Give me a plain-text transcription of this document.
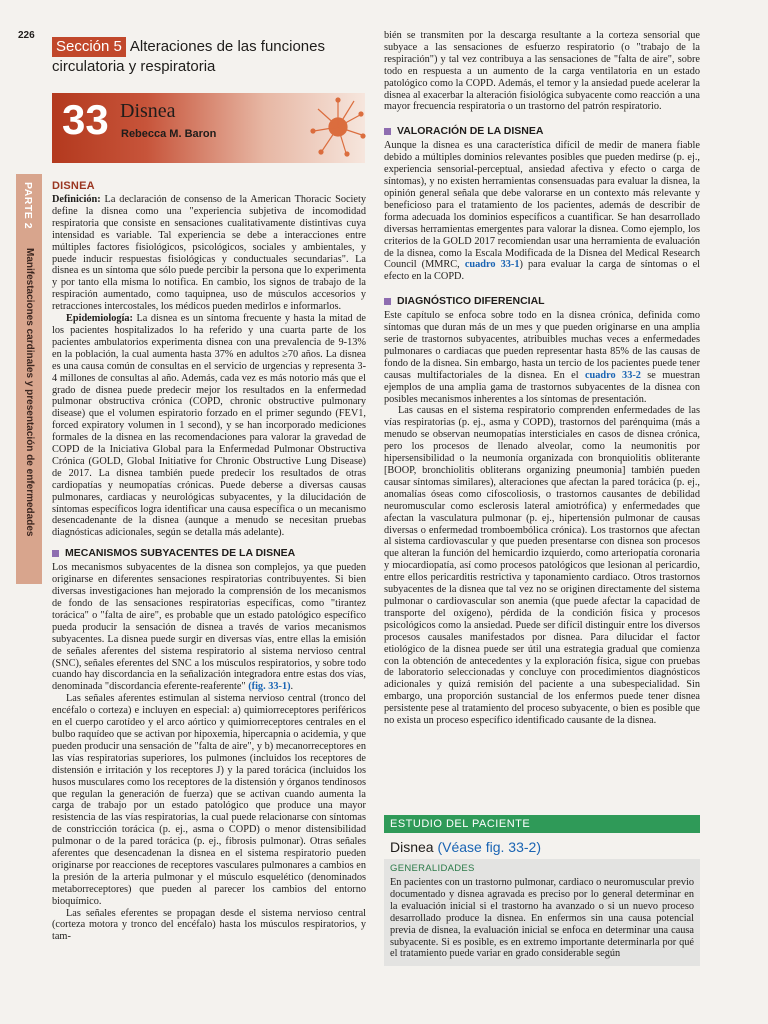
226
Sección 5 Alteraciones de las funciones circulatoria y respiratoria
33 Disnea
Rebecca M. Baron
PARTE 2
Manifestaciones cardinales y presentación de enfermedades
DISNEA

Definición: La declaración de consenso de la American Thoracic Society define la disnea como una "experiencia subjetiva de incomodidad respiratoria que consiste en sensaciones cualitativamente distintivas cuya intensidad es variable. Tal experiencia se debe a interacciones entre múltiples factores fisiológicos, psicológicos, sociales y ambientales, y puede inducir respuestas fisiológicas y conductuales secundarias". La disnea es un síntoma que sólo puede percibir la persona que lo experimenta y por tanto ella misma lo notifica. En cambio, los signos de trabajo de la respiración aumentado, como taquipnea, uso de músculos accesorios y retracciones intercostales, los médicos pueden medirlos e informarlos.

Epidemiología: La disnea es un síntoma frecuente y hasta la mitad de los pacientes hospitalizados lo ha referido y una cuarta parte de los pacientes ambulatorios experimenta disnea con una prevalencia de 9-13% en la población, la cual aumenta hasta 37% en adultos ≥70 años. La disnea es una causa común de consultas en el servicio de urgencias y representa 3-4 millones de consultas al año. Además, cada vez es más notorio más que el grado de disnea puede predecir mejor los resultados en la enfermedad pulmonar obstructiva crónica (COPD, chronic obstructive pulmonary disease) que el volumen espiratorio forzado en el primer segundo (FEV1, forced expiratory volumen in 1 second), y se han incorporado mediciones formales de la disnea en las recomendaciones para valorar la gravedad de COPD de la Iniciativa Global para la Enfermedad Pulmonar Obstructiva Crónica (GOLD, Global Initiative for Chronic Obstructive Lung Disease) de 2017. La disnea también puede predecir los resultados de otras cardiopatías y neumopatías crónicas. Puede deberse a diversas causas pulmonares, cardiacas y neurológicas subyacentes, y la dilucidación de síntomas específicos logra identificar una causa específica o un mecanismo desencadenante de la disnea (aunque a menudo se necesitan pruebas diagnósticas adicionales, según se detalla más adelante).

MECANISMOS SUBYACENTES DE LA DISNEA

Los mecanismos subyacentes de la disnea son complejos, ya que pueden originarse en diferentes sensaciones respiratorias contribuyentes. Si bien diversas investigaciones han mejorado la comprensión de los mecanismos de fondo de las sensaciones respiratorias específicas, como "tirantez torácica" o "falta de aire", es probable que un estado patológico específico pueda producir la sensación de disnea a través de varios mecanismos subyacentes. La disnea puede surgir en diversas vías, entre ellas la emisión de señales aferentes del sistema respiratorio al sistema nervioso central (SNC), señales eferentes del SNC a los músculos respiratorios, y sobre todo cuando hay discordancia en la señalización integradora entre estas dos vías, denominada "discordancia eferente-reaferente" (fig. 33-1).

Las señales aferentes estimulan al sistema nervioso central (tronco del encéfalo o corteza) e incluyen en especial: a) quimiorreceptores periféricos en el cuerpo carotídeo y el arco aórtico y quimiorreceptores centrales en el bulbo raquídeo que se activan por hipoxemia, hipercapnia o acidemia, y que pueden producir una sensación de "falta de aire", y b) mecanorreceptores en las vías respiratorias superiores, los pulmones (incluidos los receptores de distensión e irritación y los receptores J) y la pared torácica (incluidos los husos musculares como los receptores de la distensión y órganos tendinosos que regulan la generación de fuerza) que se activan cuando aumenta la carga de trabajo por un estado patológico que produce una mayor resistencia de las vías respiratorias, la cual puede relacionarse con síntomas de constricción torácica (p. ej., asma o COPD) o menor distensibilidad pulmonar o de la pared torácica (p. ej., fibrosis pulmonar). Otras señales aferentes que desencadenan la disnea en el sistema respiratorio pueden originarse por reacciones de receptores vasculares pulmonares a cambios en la presión de la arteria pulmonar y el músculo esquelético (denominados metaborreceptores) que pueden al parecer los cambios del entorno bioquímico.

Las señales eferentes se propagan desde el sistema nervioso central (corteza motora y tronco del encéfalo) hasta los músculos respiratorios, y tam-

bién se transmiten por la descarga resultante a la corteza sensorial que subyace a las sensaciones de esfuerzo respiratorio (o "trabajo de la respiración") y tal vez contribuya a las sensaciones de "falta de aire", sobre todo en respuesta a un aumento de la carga ventilatoria en un estado patológico como la COPD. Además, el temor y la ansiedad puede acelerar la disnea al exacerbar la alteración fisiológica subyacente como reacción a una mayor frecuencia respiratoria o un trastorno del patrón respiratorio.

VALORACIÓN DE LA DISNEA

Aunque la disnea es una característica difícil de medir de manera fiable debido a múltiples dominios relevantes posibles que pueden medirse (p. ej., experiencia sensorial-perceptual, ansiedad afectiva y efecto o carga de síntomas), y no existen herramientas consensuadas para evaluar la disnea, la opinión general señala que debe valorarse en un contexto más relevante y beneficioso para el tratamiento de los pacientes, además de describir de forma adecuada los dominios específicos a cuantificar. Se han desarrollado diversas herramientas emergentes para valorar la disnea. Como ejemplo, los criterios de la GOLD 2017 recomiendan usar una herramienta de evaluación de la disnea, como la Escala Modificada de la Disnea del Medical Research Council (MMRC, cuadro 33-1) para evaluar la carga de síntomas o el efecto en la COPD.

DIAGNÓSTICO DIFERENCIAL

Este capítulo se enfoca sobre todo en la disnea crónica, definida como síntomas que duran más de un mes y que pueden originarse en una amplia serie de trastornos subyacentes, atribuibles muchas veces a enfermedades pulmonares o cardiacas que pueden representar hasta 85% de las causas de fondo de la disnea. Sin embargo, hasta un tercio de los pacientes puede tener causas multifactoriales de la disnea. En el cuadro 33-2 se muestran ejemplos de una amplia gama de trastornos subyacentes de la disnea con posibles mecanismos inherentes a los síntomas de presentación.

Las causas en el sistema respiratorio comprenden enfermedades de las vías respiratorias (p. ej., asma y COPD), trastornos del parénquima (más a menudo se observan neumopatías intersticiales en casos de disnea crónica, pero los procesos de llenado alveolar, como la neumonitis por hipersensibilidad o la neumonía organizada con bronquiolitis obliterante [BOOP, bronchiolitis obliterans organizing pneumonia] también pueden causar síntomas similares), alteraciones que afectan la pared torácica (p. ej., anomalías óseas como cifoscoliosis, o trastornos causantes de debilidad neuromuscular como esclerosis lateral amiotrófica) y enfermedades que afectan la vasculatura pulmonar (p. ej., hipertensión pulmonar de causas diversas o enfermedad tromboembólica crónica). Los trastornos que afectan al sistema cardiovascular y que pueden presentarse con disnea son procesos que alteran la función del hemicardio izquierdo, como arteriopatía coronaria y miocardiopatía, así como procesos patológicos que lesionan al pericardio, entre ellos pericarditis restrictiva y taponamiento cardiaco. Otros trastornos subyacentes de la disnea que tal vez no se originen directamente del sistema pulmonar o cardiovascular son anemia (que puede afectar la capacidad de transporte del oxígeno), pérdida de la condición física y procesos psicológicos como la ansiedad. Puede ser difícil distinguir entre los diversos procesos causales manifestados por disnea. Para dilucidar el factor etiológico de la disnea puede ser útil una estrategia gradual que comienza con la obtención de antecedentes y la exploración física, sigue con pruebas de laboratorio seleccionadas y concluye con procedimientos diagnósticos adicionales y quizá remisión del paciente a una subespecialidad. Sin embargo, una proporción sustancial de los enfermos puede tener disnea persistente pese al tratamiento del proceso subyacente, o bien es posible que no exista un proceso específico identificado causante de la disnea.

ESTUDIO DEL PACIENTE
Disnea (Véase fig. 33-2)
GENERALIDADES
En pacientes con un trastorno pulmonar, cardiaco o neuromuscular previo documentado y disnea agravada es preciso por lo general determinar en la evaluación inicial si el trastorno ha avanzado o si un nuevo proceso desarrollado produce la disnea. En enfermos sin una causa potencial previa de disnea, la evaluación inicial se enfoca en determinar una causa subyacente. Si es posible, es en extremo importante determinarla por qué el tratamiento puede variar en grado considerable según
